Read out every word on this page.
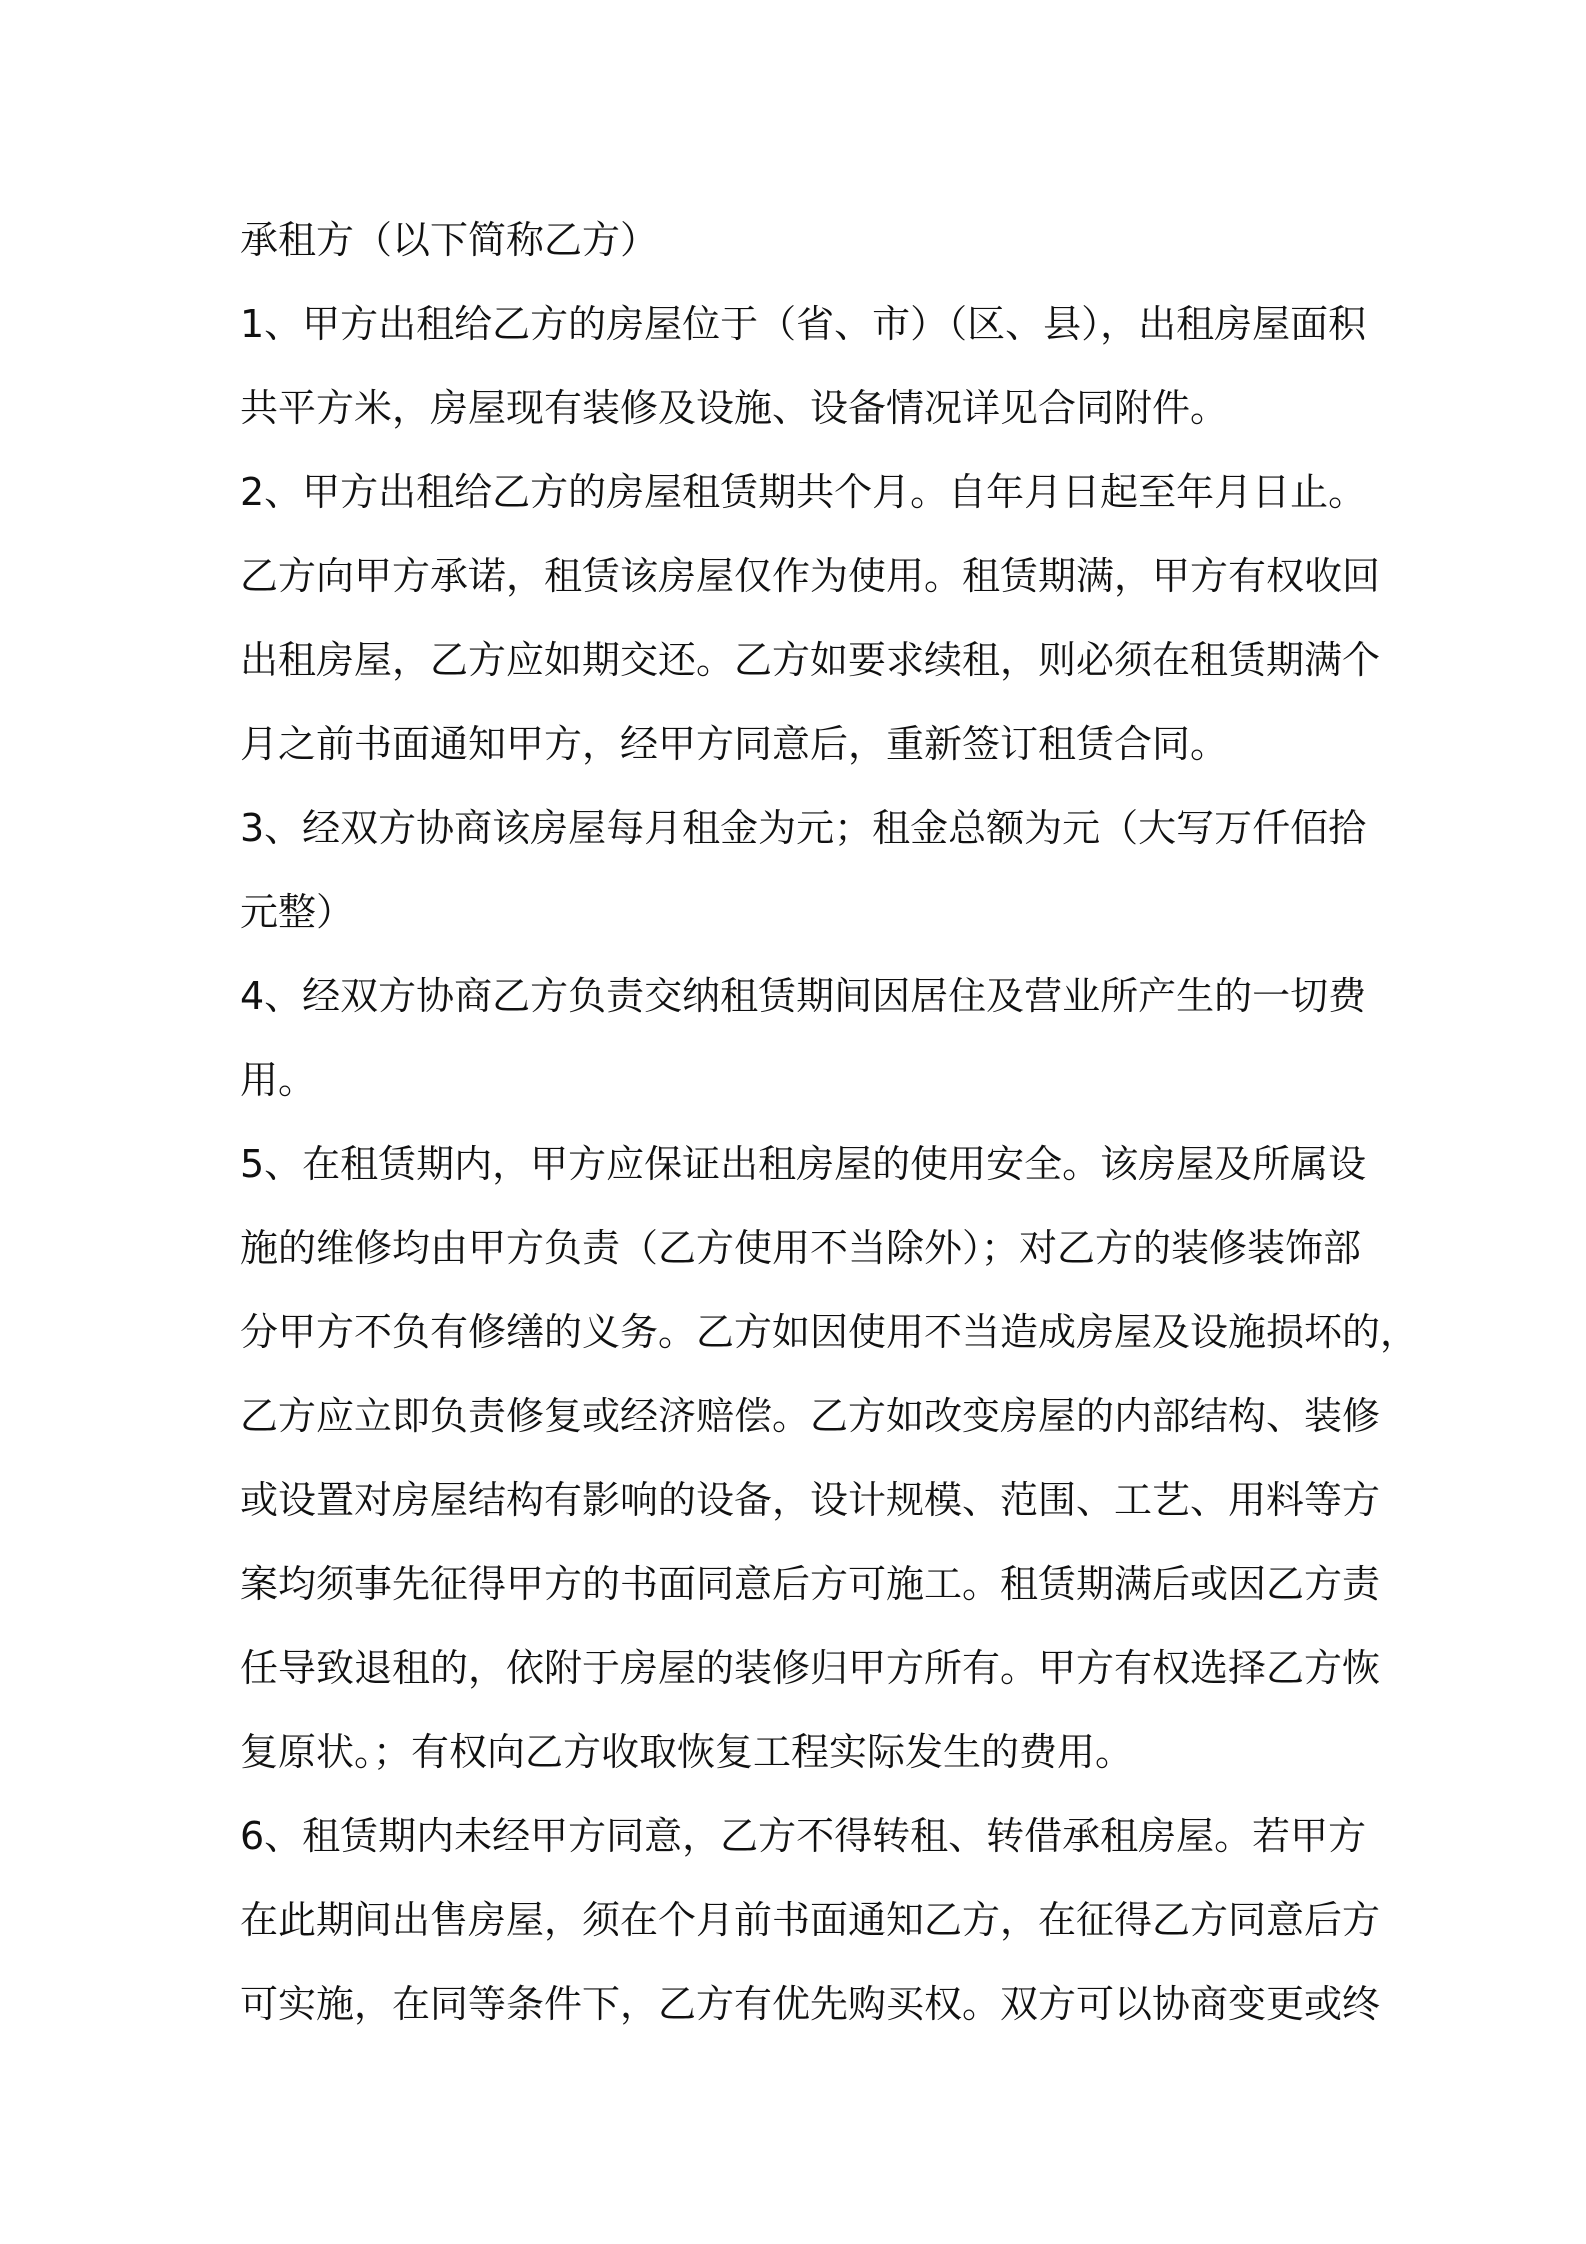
承租方（以下简称乙方）
1、甲方出租给乙方的房屋位于（省、市）（区、县），出租房屋面积
共平方米，房屋现有装修及设施、设备情况详见合同附件。
2、甲方出租给乙方的房屋租赁期共个月。自年月日起至年月日止。
乙方向甲方承诺，租赁该房屋仅作为使用。租赁期满，甲方有权收回
出租房屋，乙方应如期交还。乙方如要求续租，则必须在租赁期满个
月之前书面通知甲方，经甲方同意后，重新签订租赁合同。
3、经双方协商该房屋每月租金为元；租金总额为元（大写万仟佰拾
元整）
4、经双方协商乙方负责交纳租赁期间因居住及营业所产生的一切费
用。
5、在租赁期内，甲方应保证出租房屋的使用安全。该房屋及所属设
施的维修均由甲方负责（乙方使用不当除外）；对乙方的装修装饰部
分甲方不负有修缮的义务。乙方如因使用不当造成房屋及设施损坏的，
乙方应立即负责修复或经济赔偿。乙方如改变房屋的内部结构、装修
或设置对房屋结构有影响的设备，设计规模、范围、工艺、用料等方
案均须事先征得甲方的书面同意后方可施工。租赁期满后或因乙方责
任导致退租的，依附于房屋的装修归甲方所有。甲方有权选择乙方恢
复原状。；有权向乙方收取恢复工程实际发生的费用。
6、租赁期内未经甲方同意，乙方不得转租、转借承租房屋。若甲方
在此期间出售房屋，须在个月前书面通知乙方，在征得乙方同意后方
可实施，在同等条件下，乙方有优先购买权。双方可以协商变更或终
